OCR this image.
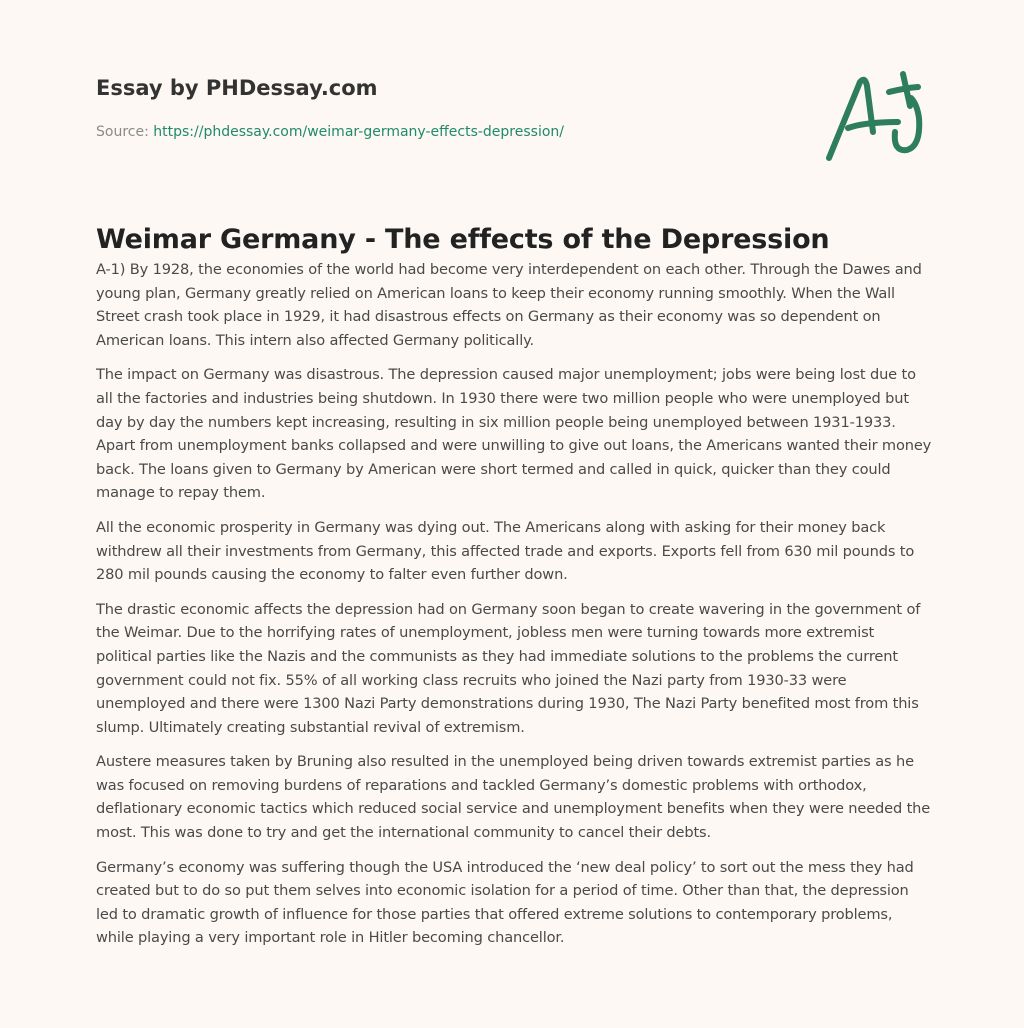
Essay by PHDessay.com
Source: https://phdessay.com/weimar-germany-effects-depression/
Weimar Germany - The effects of the Depression

A-1) By 1928, the economies of the world had become very interdependent on each other. Through the Dawes and young plan, Germany greatly relied on American loans to keep their economy running smoothly. When the Wall Street crash took place in 1929, it had disastrous effects on Germany as their economy was so dependent on American loans. This intern also affected Germany politically.

The impact on Germany was disastrous. The depression caused major unemployment; jobs were being lost due to all the factories and industries being shutdown. In 1930 there were two million people who were unemployed but day by day the numbers kept increasing, resulting in six million people being unemployed between 1931-1933. Apart from unemployment banks collapsed and were unwilling to give out loans, the Americans wanted their money back. The loans given to Germany by American were short termed and called in quick, quicker than they could manage to repay them.

All the economic prosperity in Germany was dying out. The Americans along with asking for their money back withdrew all their investments from Germany, this affected trade and exports. Exports fell from 630 mil pounds to 280 mil pounds causing the economy to falter even further down.

The drastic economic affects the depression had on Germany soon began to create wavering in the government of the Weimar. Due to the horrifying rates of unemployment, jobless men were turning towards more extremist political parties like the Nazis and the communists as they had immediate solutions to the problems the current government could not fix. 55% of all working class recruits who joined the Nazi party from 1930-33 were unemployed and there were 1300 Nazi Party demonstrations during 1930, The Nazi Party benefited most from this slump. Ultimately creating substantial revival of extremism.

Austere measures taken by Bruning also resulted in the unemployed being driven towards extremist parties as he was focused on removing burdens of reparations and tackled Germany’s domestic problems with orthodox, deflationary economic tactics which reduced social service and unemployment benefits when they were needed the most. This was done to try and get the international community to cancel their debts.

Germany’s economy was suffering though the USA introduced the ‘new deal policy’ to sort out the mess they had created but to do so put them selves into economic isolation for a period of time. Other than that, the depression led to dramatic growth of influence for those parties that offered extreme solutions to contemporary problems, while playing a very important role in Hitler becoming chancellor.
